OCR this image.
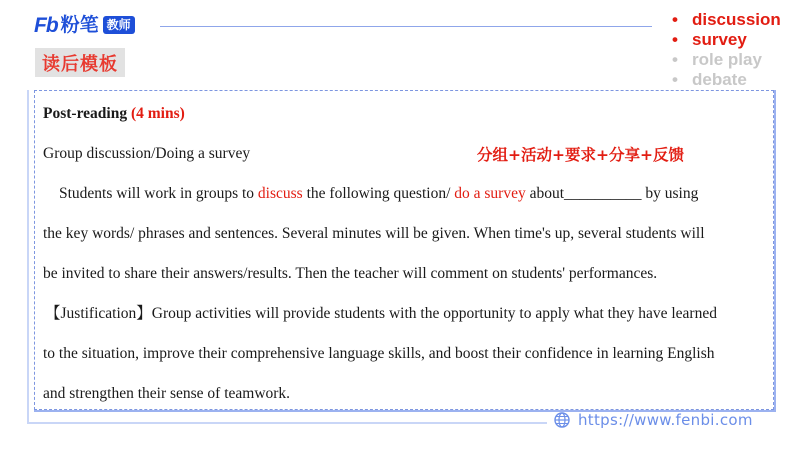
Fb 粉笔 教师
读后模板
• discussion
• survey
• role play
• debate
Post-reading (4 mins)
Group discussion/Doing a survey	分组+活动+要求+分享+反馈
Students will work in groups to discuss the following question/ do a survey about__________ by using
the key words/ phrases and sentences. Several minutes will be given. When time's up, several students will
be invited to share their answers/results. Then the teacher will comment on students' performances.
【Justification】Group activities will provide students with the opportunity to apply what they have learned
to the situation, improve their comprehensive language skills, and boost their confidence in learning English
and strengthen their sense of teamwork.
https://www.fenbi.com
